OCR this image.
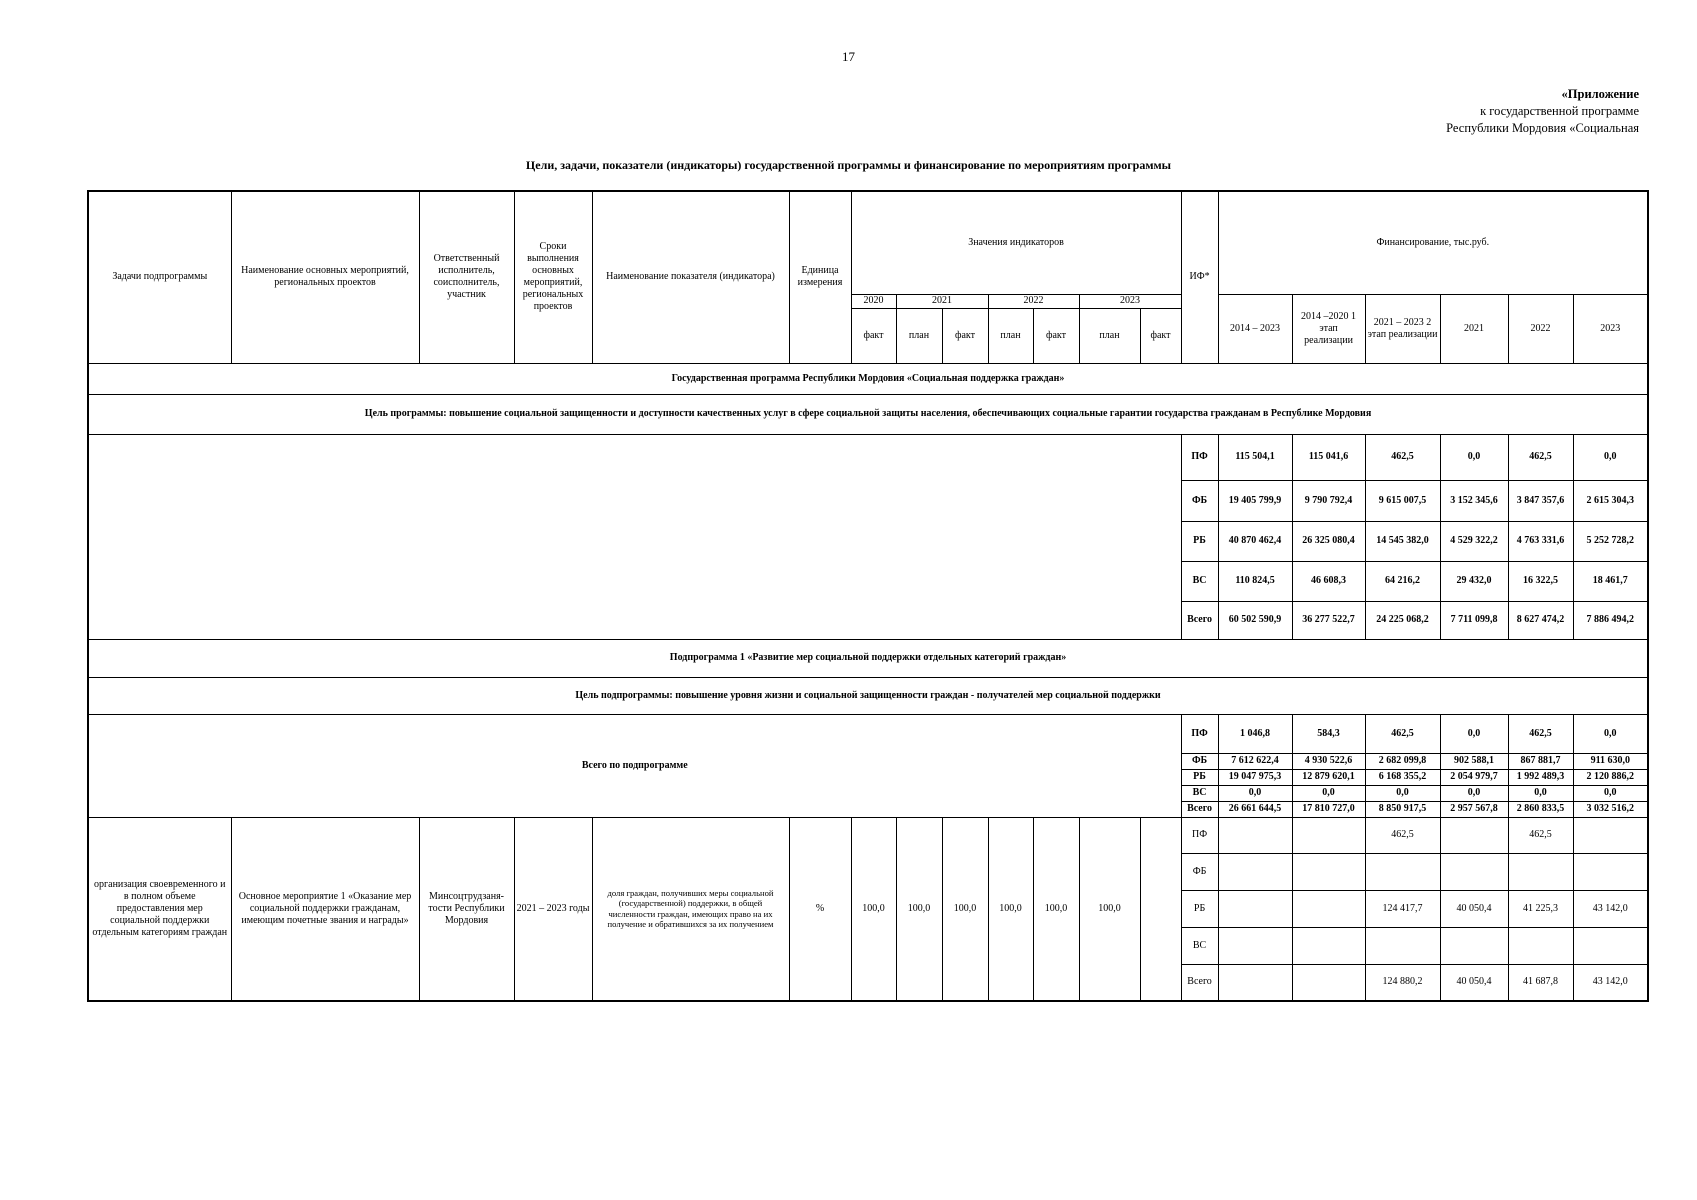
17
«Приложение
к государственной программе
Республики Мордовия «Социальная
Цели, задачи, показатели (индикаторы) государственной программы и финансирование по мероприятиям программы
Задачи подпрограммы	Наименование основных мероприятий, региональных проектов	Ответственный исполнитель, соисполнитель, участник	Сроки выполнения основных мероприятий, региональных проектов	Наименование показателя (индикатора)	Единица измерения	Значения индикаторов							ИФ*	Финансирование, тыс.руб.					
						2020	2021		2022		2023			2014 – 2023	2014 –2020 1 этап реализации	2021 – 2023 2 этап реализации	2021	2022	2023
						факт	план	факт	план	факт	план	факт							
Государственная программа Республики Мордовия «Социальная поддержка граждан»																			
Цель программы: повышение социальной защищенности и доступности качественных услуг в сфере социальной защиты населения, обеспечивающих социальные гарантии государства гражданам в Республике Мордовия																			
													ПФ	115 504,1	115 041,6	462,5	0,0	462,5	0,0
													ФБ	19 405 799,9	9 790 792,4	9 615 007,5	3 152 345,6	3 847 357,6	2 615 304,3
													РБ	40 870 462,4	26 325 080,4	14 545 382,0	4 529 322,2	4 763 331,6	5 252 728,2
													ВС	110 824,5	46 608,3	64 216,2	29 432,0	16 322,5	18 461,7
													Всего	60 502 590,9	36 277 522,7	24 225 068,2	7 711 099,8	8 627 474,2	7 886 494,2
Подпрограмма 1 «Развитие мер социальной поддержки отдельных категорий граждан»																			
Цель подпрограммы: повышение уровня жизни и социальной защищенности граждан - получателей мер социальной поддержки																			
Всего по подпрограмме													ПФ	1 046,8	584,3	462,5	0,0	462,5	0,0
													ФБ	7 612 622,4	4 930 522,6	2 682 099,8	902 588,1	867 881,7	911 630,0
													РБ	19 047 975,3	12 879 620,1	6 168 355,2	2 054 979,7	1 992 489,3	2 120 886,2
													ВС	0,0	0,0	0,0	0,0	0,0	0,0
													Всего	26 661 644,5	17 810 727,0	8 850 917,5	2 957 567,8	2 860 833,5	3 032 516,2
организация своевременного и в полном объеме предоставления мер социальной поддержки отдельным категориям граждан	Основное мероприятие 1 «Оказание мер социальной поддержки гражданам, имеющим почетные звания и награды»	Минсоцтрудзаня-тости Республики Мордовия	2021 – 2023 годы	доля граждан, получивших меры социальной (государственной) поддержки, в общей численности граждан, имеющих право на их получение и обратившихся за их получением	%	100,0	100,0	100,0	100,0	100,0	100,0		ПФ			462,5		462,5	
													ФБ						
													РБ			124 417,7	40 050,4	41 225,3	43 142,0
													ВС						
													Всего			124 880,2	40 050,4	41 687,8	43 142,0
